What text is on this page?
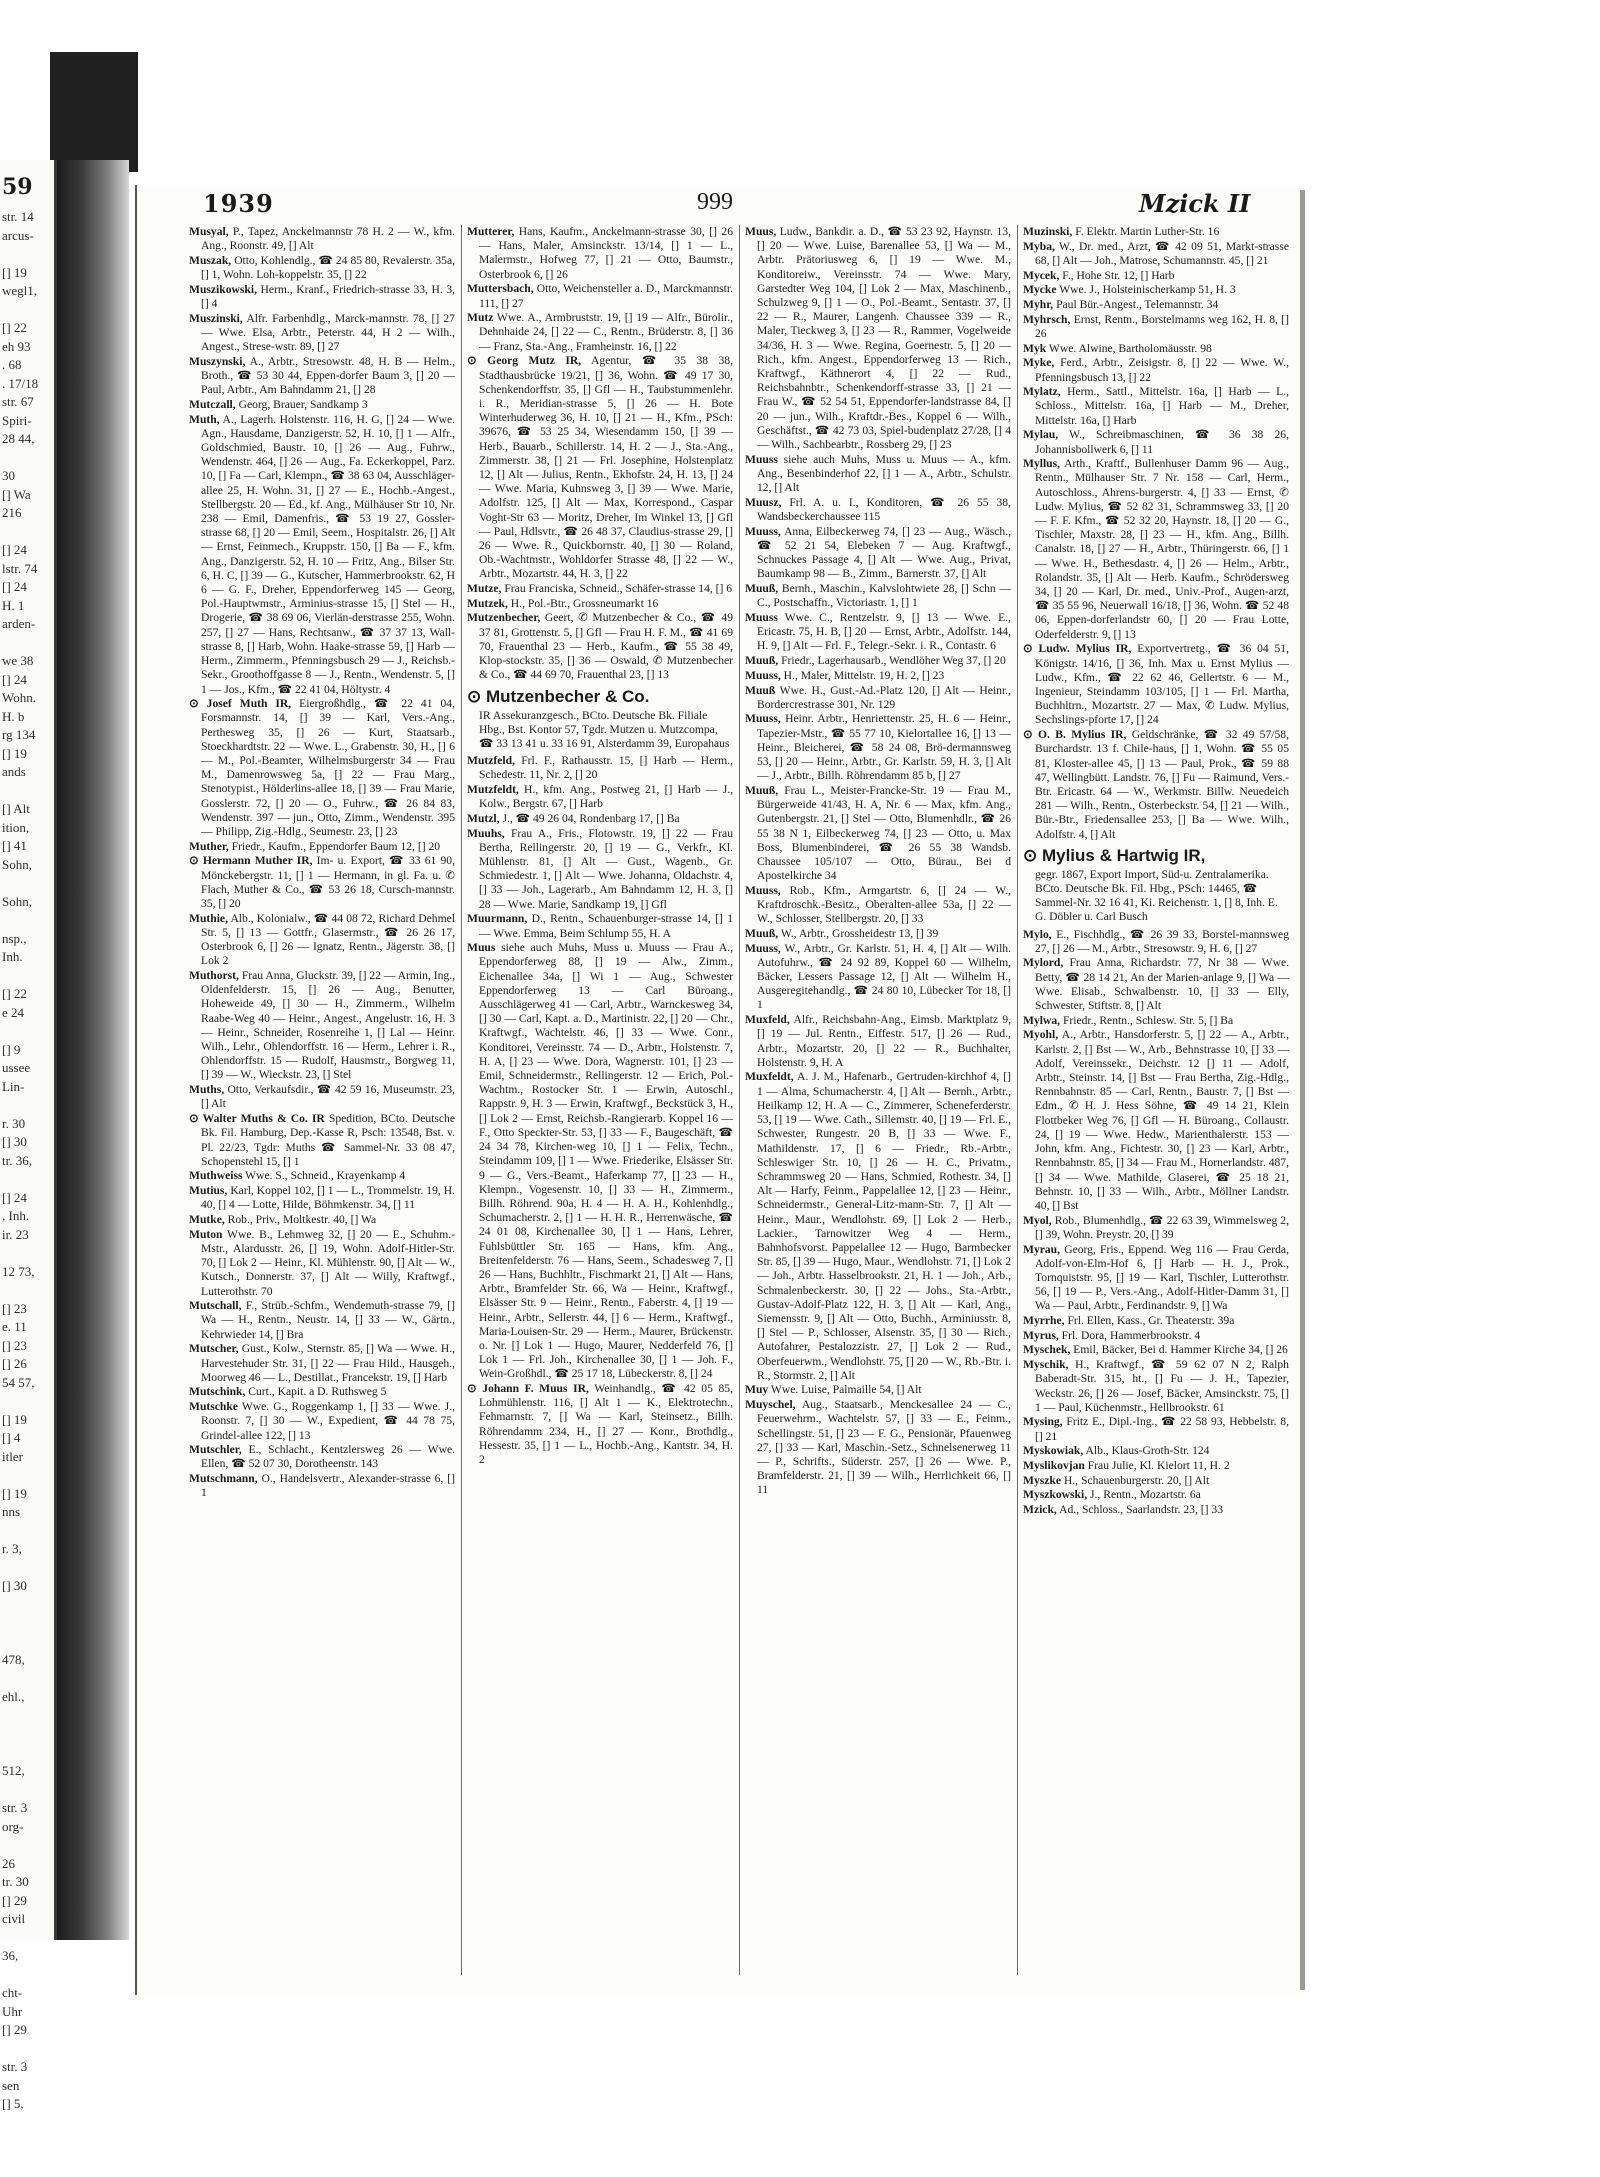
59
str. 14
arcus-

[] 19
wegl1,

[] 22
eh 93
. 68
. 17/18
str. 67
Spiri-
28 44,

30
[] Wa
216

[] 24
lstr. 74
[] 24
H. 1
arden-

we 38
[] 24
Wohn.
H. b
rg 134
[] 19
ands

[] Alt
ition,
[] 41
Sohn,

Sohn,

nsp.,
Inh.

[] 22
e 24

[] 9
ussee
Lin-

r. 30
[] 30
tr. 36,

[] 24
, Inh.
ir. 23

12 73,

[] 23
e. 11
[] 23
[] 26
54 57,

[] 19
[] 4
itler

[] 19
nns

r. 3,

[] 30

478,

ehl.,

512,

str. 3
org-

26
tr. 30
[] 29
civil

36,

cht-
Uhr
[] 29

str. 3
sen
[] 5,
1939	999	Mzick II
Musyal, P., Tapez, Anckelmannstr 78 H. 2 — W., kfm. Ang., Roonstr. 49, [] Alt
Muszak, Otto, Kohlendlg., ☎ 24 85 80, Revalerstr. 35a, [] 1, Wohn. Loh-koppelstr. 35, [] 22
Muszikowski, Herm., Kranf., Friedrich-strasse 33, H. 3, [] 4
Muszinski, Alfr. Farbenhdlg., Marck-mannstr. 78, [] 27 — Wwe. Elsa, Arbtr., Peterstr. 44, H 2 — Wilh., Angest., Strese-wstr. 89, [] 27
Muszynski, A., Arbtr., Stresowstr. 48, H. B — Helm., Broth., ☎ 53 30 44, Eppen-dorfer Baum 3, [] 20 — Paul, Arbtr., Am Bahndamm 21, [] 28
Mutczall, Georg, Brauer, Sandkamp 3
Muth, A., Lagerh. Holstenstr. 116, H. G, [] 24 — Wwe. Agn., Hausdame, Danzigerstr. 52, H. 10, [] 1 — Alfr., Goldschmied, Baustr. 10, [] 26 — Aug., Fuhrw., Wendenstr. 464, [] 26 — Aug., Fa. Eckerkoppel, Parz. 10, [] Fa — Carl, Klempn., ☎ 38 63 04, Ausschläger-allee 25, H. Wohn. 31, [] 27 — E., Hochb.-Angest., Stellbergstr. 20 — Ed., kf. Ang., Mülhäuser Str 10, Nr. 238 — Emil, Damenfris., ☎ 53 19 27, Gossler-strasse 68, [] 20 — Emil, Seem., Hospitalstr. 26, [] Alt — Ernst, Feinmech., Kruppstr. 150, [] Ba — F., kfm. Ang., Danzigerstr. 52, H. 10 — Fritz, Ang., Bilser Str. 6, H. C, [] 39 — G., Kutscher, Hammerbrookstr. 62, H 6 — G. F., Dreher, Eppendorferweg 145 — Georg, Pol.-Hauptwmstr., Arminius-strasse 15, [] Stel — H., Drogerie, ☎ 38 69 06, Vierlän-derstrasse 255, Wohn. 257, [] 27 — Hans, Rechtsanw., ☎ 37 37 13, Wall-strasse 8, [] Harb, Wohn. Haake-strasse 59, [] Harb — Herm., Zimmerm., Pfenningsbusch 29 — J., Reichsb.-Sekr., Groothoffgasse 8 — J., Rentn., Wendenstr. 5, [] 1 — Jos., Kfm., ☎ 22 41 04, Höltystr. 4
⊙ Josef Muth IR, Eiergroßhdlg., ☎ 22 41 04, Forsmannstr. 14, [] 39 — Karl, Vers.-Ang., Perthesweg 35, [] 26 — Kurt, Staatsarb., Stoeckhardtstr. 22 — Wwe. L., Grabenstr. 30, H., [] 6 — M., Pol.-Beamter, Wilhelmsburgerstr 34 — Frau M., Damenrowsweg 5a, [] 22 — Frau Marg., Stenotypist., Hölderlins-allee 18, [] 39 — Frau Marie, Gosslerstr. 72, [] 20 — O., Fuhrw., ☎ 26 84 83, Wendenstr. 397 — jun., Otto, Zimm., Wendenstr. 395 — Philipp, Zig.-Hdlg., Seumestr. 23, [] 23
Muther, Friedr., Kaufm., Eppendorfer Baum 12, [] 20
⊙ Hermann Muther IR, Im- u. Export, ☎ 33 61 90, Mönckebergstr. 11, [] 1 — Hermann, in gl. Fa. u. ✆ Flach, Muther & Co., ☎ 53 26 18, Cursch-mannstr. 35, [] 20
Muthie, Alb., Kolonialw., ☎ 44 08 72, Richard Dehmel Str. 5, [] 13 — Gottfr., Glasermstr., ☎ 26 26 17, Osterbrook 6, [] 26 — Ignatz, Rentn., Jägerstr. 38, [] Lok 2
Muthorst, Frau Anna, Gluckstr. 39, [] 22 — Armin, Ing., Oldenfelderstr. 15, [] 26 — Aug., Benutter, Hoheweide 49, [] 30 — H., Zimmerm., Wilhelm Raabe-Weg 40 — Heinr., Angest., Angelustr. 16, H. 3 — Heinr., Schneider, Rosenreihe 1, [] Lal — Heinr. Wilh., Lehr., Ohlendorffstr. 16 — Herm., Lehrer i. R., Ohlendorffstr. 15 — Rudolf, Hausmstr., Borgweg 11, [] 39 — W., Wieckstr. 23, [] Stel
Muths, Otto, Verkaufsdir., ☎ 42 59 16, Museumstr. 23, [] Alt
⊙ Walter Muths & Co. IR Spedition, BCto. Deutsche Bk. Fil. Hamburg, Dep.-Kasse R, Psch: 13548, Bst. v. Pl. 22/23, Tgdr: Muths ☎ Sammel-Nr. 33 08 47, Schopenstehl 15, [] 1
Muthweiss Wwe. S., Schneid., Krayenkamp 4
Mutius, Karl, Koppel 102, [] 1 — L., Trommelstr. 19, H. 40, [] 4 — Lotte, Hilde, Böhmkenstr. 34, [] 11
Mutke, Rob., Priv., Moltkestr. 40, [] Wa
Muton Wwe. B., Lehmweg 32, [] 20 — E., Schuhm.-Mstr., Alardusstr. 26, [] 19, Wohn. Adolf-Hitler-Str. 70, [] Lok 2 — Heinr., Kl. Mühlenstr. 90, [] Alt — W., Kutsch., Donnerstr. 37, [] Alt — Willy, Kraftwgf., Lutterothstr. 70
Mutschall, F., Strüb.-Schfm., Wendemuth-strasse 79, [] Wa — H., Rentn., Neustr. 14, [] 33 — W., Gärtn., Kehrwieder 14, [] Bra
Mutscher, Gust., Kolw., Sternstr. 85, [] Wa — Wwe. H., Harvestehuder Str. 31, [] 22 — Frau Hild., Hausgeh., Moorweg 46 — L., Destillat., Francekstr. 19, [] Harb
Mutschink, Curt., Kapit. a D. Ruthsweg 5
Mutschke Wwe. G., Roggenkamp 1, [] 33 — Wwe. J., Roonstr. 7, [] 30 — W., Expedient, ☎ 44 78 75, Grindel-allee 122, [] 13
Mutschler, E., Schlacht., Kentzlersweg 26 — Wwe. Ellen, ☎ 52 07 30, Dorotheenstr. 143
Mutschmann, O., Handelsvertr., Alexander-strasse 6, [] 1
Mutterer, Hans, Kaufm., Anckelmann-strasse 30, [] 26 — Hans, Maler, Amsinckstr. 13/14, [] 1 — L., Malermstr., Hofweg 77, [] 21 — Otto, Baumstr., Osterbrook 6, [] 26
Muttersbach, Otto, Weichensteller a. D., Marckmannstr. 111, [] 27
Mutz Wwe. A., Armbruststr. 19, [] 19 — Alfr., Bürolir., Dehnhaide 24, [] 22 — C., Rentn., Brüderstr. 8, [] 36 — Franz, Sta.-Ang., Framheinstr. 16, [] 22
⊙ Georg Mutz IR, Agentur, ☎ 35 38 38, Stadthausbrücke 19/21, [] 36, Wohn. ☎ 49 17 30, Schenkendorffstr. 35, [] Gfl — H., Taubstummenlehr. i. R., Meridian-strasse 5, [] 26 — H. Bote Winterhuderweg 36, H. 10, [] 21 — H., Kfm., PSch: 39676, ☎ 53 25 34, Wiesendamm 150, [] 39 — Herb., Bauarb., Schillerstr. 14, H. 2 — J., Sta.-Ang., Zimmerstr. 38, [] 21 — Frl. Josephine, Holstenplatz 12, [] Alt — Julius, Rentn., Ekhofstr. 24, H. 13, [] 24 — Wwe. Maria, Kuhnsweg 3, [] 39 — Wwe. Marie, Adolfstr. 125, [] Alt — Max, Korrespond., Caspar Voght-Str 63 — Moritz, Dreher, Im Winkel 13, [] Gfl — Paul, Hdlsvtr., ☎ 26 48 37, Claudius-strasse 29, [] 26 — Wwe. R., Quickbornstr. 40, [] 30 — Roland, Ob.-Wachtmstr., Wohldorfer Strasse 48, [] 22 — W., Arbtr., Mozartstr. 44, H. 3, [] 22
Mutze, Frau Franciska, Schneid., Schäfer-strasse 14, [] 6
Mutzek, H., Pol.-Btr., Grossneumarkt 16
Mutzenbecher, Geert, ✆ Mutzenbecher & Co., ☎ 49 37 81, Grottenstr. 5, [] Gfl — Frau H. F. M., ☎ 41 69 70, Frauenthal 23 — Herb., Kaufm., ☎ 55 38 49, Klop-stockstr. 35, [] 36 — Oswald, ✆ Mutzenbecher & Co., ☎ 44 69 70, Frauenthal 23, [] 13
⊙ Mutzenbecher & Co.
IR Assekuranzgesch., BCto. Deutsche Bk. Filiale Hbg., Bst. Kontor 57, Tgdr. Mutzen u. Mutzcompa, ☎ 33 13 41 u. 33 16 91, Alsterdamm 39, Europahaus
Mutzfeld, Frl. F., Rathausstr. 15, [] Harb — Herm., Schedestr. 11, Nr. 2, [] 20
Mutzfeldt, H., kfm. Ang., Postweg 21, [] Harb — J., Kolw., Bergstr. 67, [] Harb
Mutzl, J., ☎ 49 26 04, Rondenbarg 17, [] Ba
Muuhs, Frau A., Fris., Flotowstr. 19, [] 22 — Frau Bertha, Rellingerstr. 20, [] 19 — G., Verkfr., Kl. Mühlenstr. 81, [] Alt — Gust., Wagenb., Gr. Schmiedestr. 1, [] Alt — Wwe. Johanna, Oldachstr. 4, [] 33 — Joh., Lagerarb., Am Bahndamm 12, H. 3, [] 28 — Wwe. Marie, Sandkamp 19, [] Gfl
Muurmann, D., Rentn., Schauenburger-strasse 14, [] 1 — Wwe. Emma, Beim Schlump 55, H. A
Muus siehe auch Muhs, Muss u. Muuss — Frau A., Eppendorferweg 88, [] 19 — Alw., Zimm., Eichenallee 34a, [] Wi 1 — Aug., Schwester Eppendorferweg 13 — Carl Büroang., Ausschlägerweg 41 — Carl, Arbtr., Warnckesweg 34, [] 30 — Carl, Kapt. a. D., Martinistr. 22, [] 20 — Chr., Kraftwgf., Wachtelstr. 46, [] 33 — Wwe. Conr., Konditorei, Vereinsstr. 74 — D., Arbtr., Holstenstr. 7, H. A, [] 23 — Wwe. Dora, Wagnerstr. 101, [] 23 — Emil, Schneidermstr., Rellingerstr. 12 — Erich, Pol.-Wachtm., Rostocker Str. 1 — Erwin, Autoschl., Rappstr. 9, H. 3 — Erwin, Kraftwgf., Beckstück 3, H., [] Lok 2 — Ernst, Reichsb.-Rangierarb. Koppel 16 — F., Otto Speckter-Str. 53, [] 33 — F., Baugeschäft, ☎ 24 34 78, Kirchen-weg 10, [] 1 — Felix, Techn., Steindamm 109, [] 1 — Wwe. Friederike, Elsässer Str. 9 — G., Vers.-Beamt., Haferkamp 77, [] 23 — H., Klempn., Vogesenstr. 10, [] 33 — H., Zimmerm., Billh. Röhrend. 90a, H. 4 — H. A. H., Kohlenhdlg., Schumacherstr. 2, [] 1 — H. H. R., Herrenwäsche, ☎ 24 01 08, Kirchenallee 30, [] 1 — Hans, Lehrer, Fuhlsbüttler Str. 165 — Hans, kfm. Ang., Breitenfelderstr. 76 — Hans, Seem., Schadesweg 7, [] 26 — Hans, Buchhltr., Fischmarkt 21, [] Alt — Hans, Arbtr., Bramfelder Str. 66, Wa — Heinr., Kraftwgf., Elsässer Str. 9 — Heinr., Rentn., Faberstr. 4, [] 19 — Heinr., Arbtr., Sellerstr. 44, [] 6 — Herm., Kraftwgf., Maria-Louisen-Str. 29 — Herm., Maurer, Brückenstr. o. Nr. [] Lok 1 — Hugo, Maurer, Nedderfeld 76, [] Lok 1 — Frl. Joh., Kirchenallee 30, [] 1 — Joh. F., Wein-Großhdl., ☎ 25 17 18, Lübeckerstr. 8, [] 24
⊙ Johann F. Muus IR, Weinhandlg., ☎ 42 05 85, Lohmühlenstr. 116, [] Alt 1 — K., Elektrotechn., Fehmarnstr. 7, [] Wa — Karl, Steinsetz., Billh. Röhrendamm 234, H., [] 27 — Konr., Brothdlg., Hessestr. 35, [] 1 — L., Hochb.-Ang., Kantstr. 34, H. 2
Muus, Ludw., Bankdir. a. D., ☎ 53 23 92, Haynstr. 13, [] 20 — Wwe. Luise, Barenallee 53, [] Wa — M., Arbtr. Prätoriusweg 6, [] 19 — Wwe. M., Konditoreiw., Vereinsstr. 74 — Wwe. Mary, Garstedter Weg 104, [] Lok 2 — Max, Maschinenb., Schulzweg 9, [] 1 — O., Pol.-Beamt., Sentastr. 37, [] 22 — R., Maurer, Langenh. Chaussee 339 — R., Maler, Tieckweg 3, [] 23 — R., Rammer, Vogelweide 34/36, H. 3 — Wwe. Regina, Goernestr. 5, [] 20 — Rich., kfm. Angest., Eppendorferweg 13 — Rich., Kraftwgf., Käthnerort 4, [] 22 — Rud., Reichsbahnbtr., Schenkendorff-strasse 33, [] 21 — Frau W., ☎ 52 54 51, Eppendorfer-landstrasse 84, [] 20 — jun., Wilh., Kraftdr.-Bes., Koppel 6 — Wilh., Geschäftst., ☎ 42 73 03, Spiel-budenplatz 27/28, [] 4 — Wilh., Sachbearbtr., Rossberg 29, [] 23
Muuss siehe auch Muhs, Muss u. Muus — A., kfm. Ang., Besenbinderhof 22, [] 1 — A., Arbtr., Schulstr. 12, [] Alt
Muusz, Frl. A. u. I., Konditoren, ☎ 26 55 38, Wandsbeckerchaussee 115
Muuss, Anna, Eilbeckerweg 74, [] 23 — Aug., Wäsch., ☎ 52 21 54, Elebeken 7 — Aug. Kraftwgf., Schnuckes Passage 4, [] Alt — Wwe. Aug., Privat, Baumkamp 98 — B., Zimm., Barnerstr. 37, [] Alt
Muuß, Bernh., Maschin., Kalvslohtwiete 28, [] Schn — C., Postschaffn., Victoriastr. 1, [] 1
Muuss Wwe. C., Rentzelstr. 9, [] 13 — Wwe. E., Ericastr. 75, H. B, [] 20 — Ernst, Arbtr., Adolfstr. 144, H. 9, [] Alt — Frl. F., Telegr.-Sekr. i. R., Contastr. 6
Muuß, Friedr., Lagerhausarb., Wendlöher Weg 37, [] 20
Muuss, H., Maler, Mittelstr. 19, H. 2, [] 23
Muuß Wwe. H., Gust.-Ad.-Platz 120, [] Alt — Heinr., Bordercrestrasse 301, Nr. 129
Muuss, Heinr. Arbtr., Henriettenstr. 25, H. 6 — Heinr., Tapezier-Mstr., ☎ 55 77 10, Kielortallee 16, [] 13 — Heinr., Bleicherei, ☎ 58 24 08, Brö-dermannsweg 53, [] 20 — Heinr., Arbtr., Gr. Karlstr. 59, H. 3, [] Alt — J., Arbtr., Billh. Röhrendamm 85 b, [] 27
Muuß, Frau L., Meister-Francke-Str. 19 — Frau M., Bürgerweide 41/43, H. A, Nr. 6 — Max, kfm. Ang., Gutenbergstr. 21, [] Stel — Otto, Blumenhdlr., ☎ 26 55 38 N 1, Eilbeckerweg 74, [] 23 — Otto, u. Max Boss, Blumenbinderei, ☎ 26 55 38 Wandsb. Chaussee 105/107 — Otto, Bürau., Bei d Apostelkirche 34
Muuss, Rob., Kfm., Armgartstr. 6, [] 24 — W., Kraftdroschk.-Besitz., Oberalten-allee 53a, [] 22 — W., Schlosser, Stellbergstr. 20, [] 33
Muuß, W., Arbtr., Grossheidestr 13, [] 39
Muuss, W., Arbtr., Gr. Karlstr. 51, H. 4, [] Alt — Wilh. Autofuhrw., ☎ 24 92 89, Koppel 60 — Wilhelm, Bäcker, Lessers Passage 12, [] Alt — Wilhelm H., Ausgeregitehandlg., ☎ 24 80 10, Lübecker Tor 18, [] 1
Muxfeld, Alfr., Reichsbahn-Ang., Eimsb. Marktplatz 9, [] 19 — Jul. Rentn., Eiffestr. 517, [] 26 — Rud., Arbtr., Mozartstr. 20, [] 22 — R., Buchhalter, Holstenstr. 9, H. A
Muxfeldt, A. J. M., Hafenarb., Gertruden-kirchhof 4, [] 1 — Alma, Schumacherstr. 4, [] Alt — Bernh., Arbtr., Heilkamp 12, H. A — C., Zimmerer, Scheneferderstr. 53, [] 19 — Wwe. Cath., Sillemstr. 40, [] 19 — Frl. E., Schwester, Rungestr. 20 B, [] 33 — Wwe. F., Mathildenstr. 17, [] 6 — Friedr., Rb.-Arbtr., Schleswiger Str. 10, [] 26 — H. C., Privatm., Schrammsweg 20 — Hans, Schmied, Rothestr. 34, [] Alt — Harfy, Feinm., Pappelallee 12, [] 23 — Heinr., Schneidermstr., General-Litz-mann-Str. 7, [] Alt — Heinr., Maur., Wendlohstr. 69, [] Lok 2 — Herb., Lackier., Tarnowitzer Weg 4 — Herm., Bahnhofsvorst. Pappelallee 12 — Hugo, Barmbecker Str. 85, [] 39 — Hugo, Maur., Wendlohstr. 71, [] Lok 2 — Joh., Arbtr. Hasselbrookstr. 21, H. 1 — Joh., Arb., Schmalenbeckerstr. 30, [] 22 — Johs., Sta.-Arbtr., Gustav-Adolf-Platz 122, H. 3, [] Alt — Karl, Ang., Siemensstr. 9, [] Alt — Otto, Buchh., Arminiusstr. 8, [] Stel — P., Schlosser, Alsenstr. 35, [] 30 — Rich., Autofahrer, Pestalozzistr. 27, [] Lok 2 — Rud., Oberfeuerwm., Wendlohstr. 75, [] 20 — W., Rb.-Btr. i. R., Stormstr. 2, [] Alt
Muy Wwe. Luise, Palmaille 54, [] Alt
Muyschel, Aug., Staatsarb., Menckesallee 24 — C., Feuerwehrm., Wachtelstr. 57, [] 33 — E., Feinm., Schellingstr. 51, [] 23 — F. G., Pensionär, Pfauenweg 27, [] 33 — Karl, Maschin.-Setz., Schnelsenerweg 11 — P., Schrifts., Süderstr. 257, [] 26 — Wwe. P., Bramfelderstr. 21, [] 39 — Wilh., Herrlichkeit 66, [] 11
Muzinski, F. Elektr. Martin Luther-Str. 16
Myba, W., Dr. med., Arzt, ☎ 42 09 51, Markt-strasse 68, [] Alt — Joh., Matrose, Schumannstr. 45, [] 21
Mycek, F., Hohe Str. 12, [] Harb
Mycke Wwe. J., Holsteinischerkamp 51, H. 3
Myhr, Paul Bür.-Angest., Telemannstr. 34
Myhrsch, Ernst, Rentn., Borstelmanns weg 162, H. 8, [] 26
Myk Wwe. Alwine, Bartholomäusstr. 98
Myke, Ferd., Arbtr., Zeisigstr. 8, [] 22 — Wwe. W., Pfenningsbusch 13, [] 22
Mylatz, Herm., Sattl., Mittelstr. 16a, [] Harb — L., Schloss., Mittelstr. 16a, [] Harb — M., Dreher, Mittelstr. 16a, [] Harb
Mylau, W., Schreibmaschinen, ☎ 36 38 26, Johannisbollwerk 6, [] 11
Myllus, Arth., Kraftf., Bullenhuser Damm 96 — Aug., Rentn., Mülhauser Str. 7 Nr. 158 — Carl, Herm., Autoschloss., Ahrens-burgerstr. 4, [] 33 — Ernst, ✆ Ludw. Mylius, ☎ 52 82 31, Schrammsweg 33, [] 20 — F. F. Kfm., ☎ 52 32 20, Haynstr. 18, [] 20 — G., Tischler, Maxstr. 28, [] 23 — H., kfm. Ang., Billh. Canalstr. 18, [] 27 — H., Arbtr., Thüringerstr. 66, [] 1 — Wwe. H., Bethesdastr. 4, [] 26 — Helm., Arbtr., Rolandstr. 35, [] Alt — Herb. Kaufm., Schrödersweg 34, [] 20 — Karl, Dr. med., Univ.-Prof., Augen-arzt, ☎ 35 55 96, Neuerwall 16/18, [] 36, Wohn. ☎ 52 48 06, Eppen-dorferlandstr 60, [] 20 — Frau Lotte, Oderfelderstr. 9, [] 13
⊙ Ludw. Mylius IR, Exportvertretg., ☎ 36 04 51, Königstr. 14/16, [] 36, Inh. Max u. Ernst Mylius — Ludw., Kfm., ☎ 22 62 46, Gellertstr. 6 — M., Ingenieur, Steindamm 103/105, [] 1 — Frl. Martha, Buchhltrn., Mozartstr. 27 — Max, ✆ Ludw. Mylius, Sechslings-pforte 17, [] 24
⊙ O. B. Mylius IR, Geldschränke, ☎ 32 49 57/58, Burchardstr. 13 f. Chile-haus, [] 1, Wohn. ☎ 55 05 81, Kloster-allee 45, [] 13 — Paul, Prok., ☎ 59 88 47, Wellingbütt. Landstr. 76, [] Fu — Raimund, Vers.-Btr. Ericastr. 64 — W., Werkmstr. Billw. Neuedeich 281 — Wilh., Rentn., Osterbeckstr. 54, [] 21 — Wilh., Bür.-Btr., Friedensallee 253, [] Ba — Wwe. Wilh., Adolfstr. 4, [] Alt
⊙ Mylius & Hartwig IR,
gegr. 1867, Export Import, Süd-u. Zentralamerika. BCto. Deutsche Bk. Fil. Hbg., PSch: 14465, ☎ Sammel-Nr. 32 16 41, Ki. Reichenstr. 1, [] 8, Inh. E. G. Döbler u. Carl Busch
Mylo, E., Fischhdlg., ☎ 26 39 33, Borstel-mannsweg 27, [] 26 — M., Arbtr., Stresowstr. 9, H. 6, [] 27
Mylord, Frau Anna, Richardstr. 77, Nr 38 — Wwe. Betty, ☎ 28 14 21, An der Marien-anlage 9, [] Wa — Wwe. Elisab., Schwalbenstr. 10, [] 33 — Elly, Schwester, Stiftstr. 8, [] Alt
Mylwa, Friedr., Rentn., Schlesw. Str. 5, [] Ba
Myohl, A., Arbtr., Hansdorferstr. 5, [] 22 — A., Arbtr., Karlstr. 2, [] Bst — W., Arb., Behnstrasse 10, [] 33 — Adolf, Vereinssekr., Deichstr. 12 [] 11 — Adolf, Arbtr., Steinstr. 14, [] Bst — Frau Bertha, Zig.-Hdlg., Rennbahnstr. 85 — Carl, Rentn., Baustr. 7, [] Bst — Edm., ✆ H. J. Hess Söhne, ☎ 49 14 21, Klein Flottbeker Weg 76, [] Gfl — H. Büroang., Collaustr. 24, [] 19 — Wwe. Hedw., Marienthalerstr. 153 — John, kfm. Ang., Fichtestr. 30, [] 23 — Karl, Arbtr., Rennbahnstr. 85, [] 34 — Frau M., Hornerlandstr. 487, [] 34 — Wwe. Mathilde, Glaserei, ☎ 25 18 21, Behnstr. 10, [] 33 — Wilh., Arbtr., Möllner Landstr. 40, [] Bst
Myol, Rob., Blumenhdlg., ☎ 22 63 39, Wimmelsweg 2, [] 39, Wohn. Preystr. 20, [] 39
Myrau, Georg, Fris., Eppend. Weg 116 — Frau Gerda, Adolf-von-Elm-Hof 6, [] Harb — H. J., Prok., Tornquiststr. 95, [] 19 — Karl, Tischler, Lutterothstr. 56, [] 19 — P., Vers.-Ang., Adolf-Hitler-Damm 31, [] Wa — Paul, Arbtr., Ferdinandstr. 9, [] Wa
Myrrhe, Frl. Ellen, Kass., Gr. Theaterstr. 39a
Myrus, Frl. Dora, Hammerbrookstr. 4
Myschek, Emil, Bäcker, Bei d. Hammer Kirche 34, [] 26
Myschik, H., Kraftwgf., ☎ 59 62 07 N 2, Ralph Baberadt-Str. 315, ht., [] Fu — J. H., Tapezier, Weckstr. 26, [] 26 — Josef, Bäcker, Amsinckstr. 75, [] 1 — Paul, Küchenmstr., Hellbrookstr. 61
Mysing, Fritz E., Dipl.-Ing., ☎ 22 58 93, Hebbelstr. 8, [] 21
Myskowiak, Alb., Klaus-Groth-Str. 124
Myslikovjan Frau Julie, Kl. Kielort 11, H. 2
Myszke H., Schauenburgerstr. 20, [] Alt
Myszkowski, J., Rentn., Mozartstr. 6a
Mzick, Ad., Schloss., Saarlandstr. 23, [] 33
